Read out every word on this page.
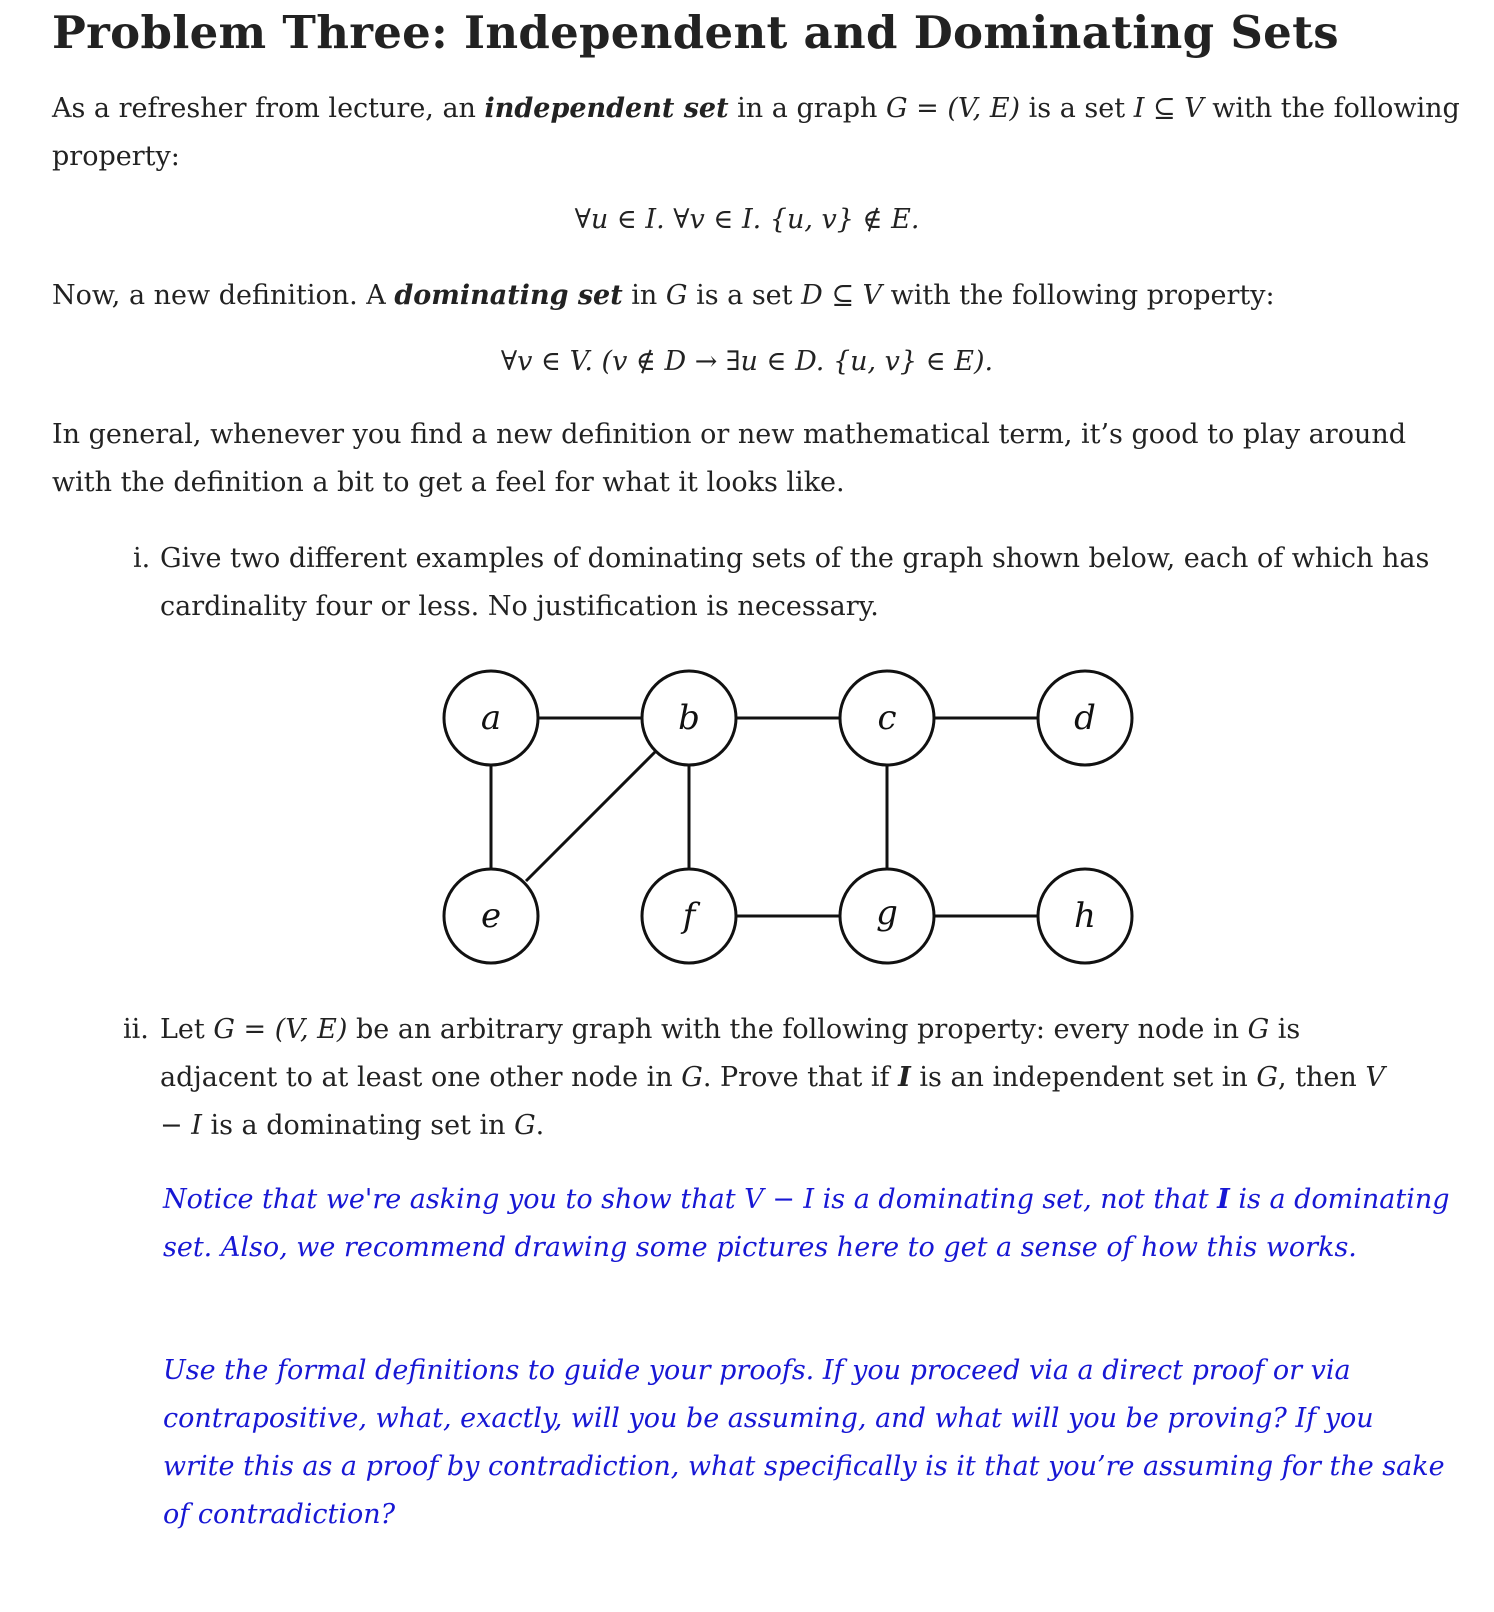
Problem Three: Independent and Dominating Sets

As a refresher from lecture, an independent set in a graph G = (V, E) is a set I ⊆ V with the following property:

∀u ∈ I. ∀v ∈ I. {u, v} ∉ E.

Now, a new definition. A dominating set in G is a set D ⊆ V with the following property:

∀v ∈ V. (v ∉ D → ∃u ∈ D. {u, v} ∈ E).

In general, whenever you find a new definition or new mathematical term, it’s good to play around with the definition a bit to get a feel for what it looks like.

i. Give two different examples of dominating sets of the graph shown below, each of which has cardinality four or less. No justification is necessary.
a	b	c	d
e	f	g	h
ii. Let G = (V, E) be an arbitrary graph with the following property: every node in G is adjacent to at least one other node in G. Prove that if I is an independent set in G, then V − I is a dominating set in G.

Notice that we're asking you to show that V − I is a dominating set, not that I is a dominating set. Also, we recommend drawing some pictures here to get a sense of how this works.

Use the formal definitions to guide your proofs. If you proceed via a direct proof or via contrapositive, what, exactly, will you be assuming, and what will you be proving? If you write this as a proof by contradiction, what specifically is it that you’re assuming for the sake of contradiction?
